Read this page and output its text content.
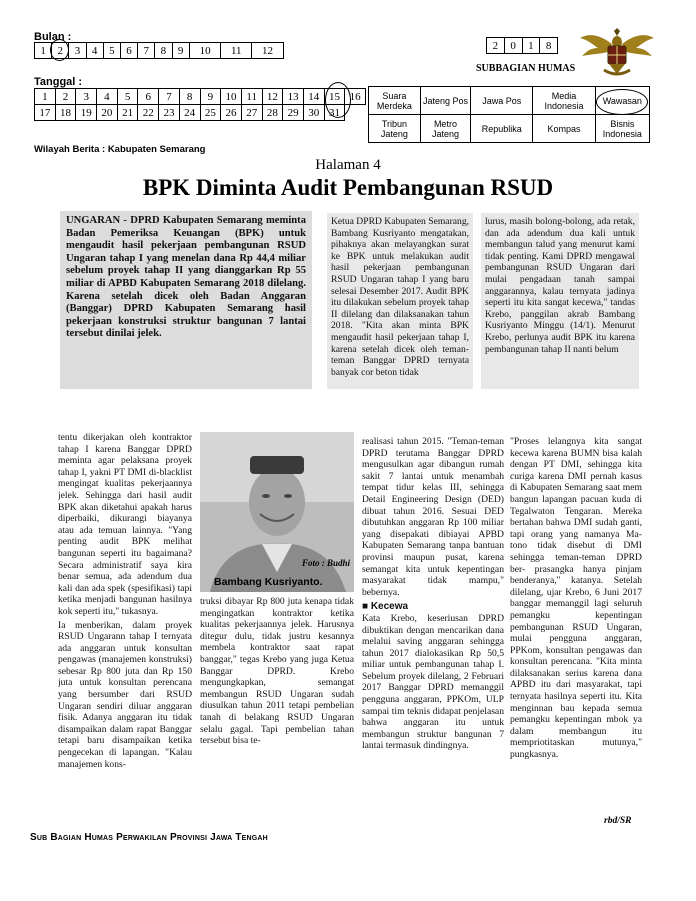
Bulan :
1	2	3	4	5	6	7	8	9	10	11	12
Tanggal :
1	2	3	4	5	6	7	8	9	10	11	12	13	14	15	16
17	18	19	20	21	22	23	24	25	26	27	28	29	30	31	
2	0	1	8
SUBBAGIAN HUMAS
Suara Merdeka	Jateng Pos	Jawa Pos	Media Indonesia	Wawasan
Tribun Jateng	Metro Jateng	Republika	Kompas	Bisnis Indonesia
Wilayah Berita : Kabupaten Semarang
Halaman 4
BPK Diminta Audit Pembangunan RSUD

UNGARAN - DPRD Kabupaten Semarang meminta Badan Pemeriksa Keuangan (BPK) untuk mengaudit hasil pekerjaan pembangunan RSUD Ungaran tahap I yang menelan dana Rp 44,4 miliar sebelum proyek tahap II yang dianggarkan Rp 55 miliar di APBD Kabupaten Semarang 2018 dilelang. Karena setelah dicek oleh Badan Anggaran (Banggar) DPRD Kabupaten Semarang hasil pekerjaan konstruksi struktur bangunan 7 lantai tersebut dinilai jelek.

Ketua DPRD Kabupaten Semarang, Bambang Kusriyanto mengatakan, pihaknya akan melayangkan surat ke BPK untuk melakukan audit hasil pekerjaan pembangunan RSUD Ungaran tahap I yang baru selesai Desember 2017. Audit BPK itu dilakukan sebelum proyek tahap II dilelang dan dilaksanakan tahun 2018. "Kita akan minta BPK mengaudit hasil pekerjaan tahap I, karena setelah dicek oleh teman-teman Banggar DPRD ternyata banyak cor beton tidak

lurus, masih bolong-bolong, ada retak, dan ada adendum dua kali untuk membangun talud yang menurut kami tidak penting. Kami DPRD mengawal pembangunan RSUD Ungaran dari mulai pengadaan tanah sampai anggarannya, kalau ternyata jadinya seperti itu kita sangat kecewa," tandas Krebo, panggilan akrab Bambang Kusriyanto Minggu (14/1). Menurut Krebo, perlunya audit BPK itu karena pembangunan tahap II nanti belum

tentu dikerjakan oleh kontraktor tahap I karena Banggar DPRD meminta agar pelaksana proyek tahap I, yakni PT DMI di-blacklist mengingat kualitas pekerjaannya jelek. Sehingga dari hasil audit BPK akan diketahui apakah harus diperbaiki, dikurangi biayanya atau ada temuan lainnya. "Yang penting audit BPK melihat bangunan seperti itu bagaimana? Secara administratif saya kira benar semua, ada adendum dua kali dan ada spek (spesifikasi) tapi ketika menjadi bangunan hasilnya kok seperti itu," tukasnya.

Ia menberikan, dalam proyek RSUD Ungarann tahap I ternyata ada anggaran untuk konsultan pengawas (manajemen konstruksi) sebesar Rp 800 juta dan Rp 150 juta untuk konsultan perencana yang bersumber dari RSUD Ungaran sendiri diluar anggaran fisik. Adanya anggaran itu tidak disampaikan dalam rapat Banggar tetapi baru disampaikan ketika pengecekan di lapangan. "Kalau manajemen kons-

Foto : Budhi
Bambang Kusriyanto.

truksi dibayar Rp 800 juta kenapa tidak mengingatkan kontraktor ketika kualitas pekerjaannya jelek. Harusnya ditegur dulu, tidak justru kesannya membela kontraktor saat rapat banggar," tegas Krebo yang juga Ketua Banggar DPRD. Krebo mengungkapkan, semangat membangun RSUD Ungaran sudah diusulkan tahun 2011 tetapi pembelian tanah di belakang RSUD Ungaran selalu gagal. Tapi pembelian tahan tersebut bisa te-

realisasi tahun 2015. "Teman-teman DPRD terutama Banggar DPRD mengusulkan agar dibangun rumah sakit 7 lantai untuk menambah tempat tidur kelas III, sehingga Detail Engineering Design (DED) dibuat tahun 2016. Sesuai DED dibutuhkan anggaran Rp 100 miliar yang disepakati dibiayai APBD Kabupaten Semarang tanpa bantuan provinsi maupun pusat, karena semangat kita untuk kepentingan masyarakat tidak mampu," bebernya.

■ Kecewa

Kata Krebo, keseriusan DPRD dibuktikan dengan mencarikan dana melalui saving anggaran sehingga tahun 2017 dialokasikan Rp 50,5 miliar untuk pembangunan tahap I. Sebelum proyek dilelang, 2 Februari 2017 Banggar DPRD memanggil pengguna anggaran, PPKOm, ULP sampai tim teknis didapat penjelasan bahwa anggaran itu untuk membangun struktur bangunan 7 lantai termasuk dindingnya.

"Proses lelangnya kita sangat kecewa karena BUMN bisa kalah dengan PT DMI, sehingga kita curiga karena DMI pernah kasus di Kabupaten Semarang saat mem bangun lapangan pacuan kuda di Tegalwaton Tengaran. Mereka bertahan bahwa DMI sudah ganti, tapi orang yang namanya Ma- tono tidak disebut di DMI sehingga teman-teman DPRD ber- prasangka hanya pinjam benderanya," katanya. Setelah dilelang, ujar Krebo, 6 Juni 2017 banggar memanggil lagi seluruh pemangku kepentingan pembangunan RSUD Ungaran, mulai pengguna anggaran, PPKom, konsultan pengawas dan konsultan perencana. "Kita minta dilaksanakan serius karena dana APBD itu dari masyarakat, tapi ternyata hasilnya seperti itu. Kita menginnan bau kepada semua pemangku kepentingan mbok ya dalam membangun itu mempriotitaskan mutunya," pungkasnya.

rbd/SR
Sub Bagian Humas Perwakilan Provinsi Jawa Tengah
